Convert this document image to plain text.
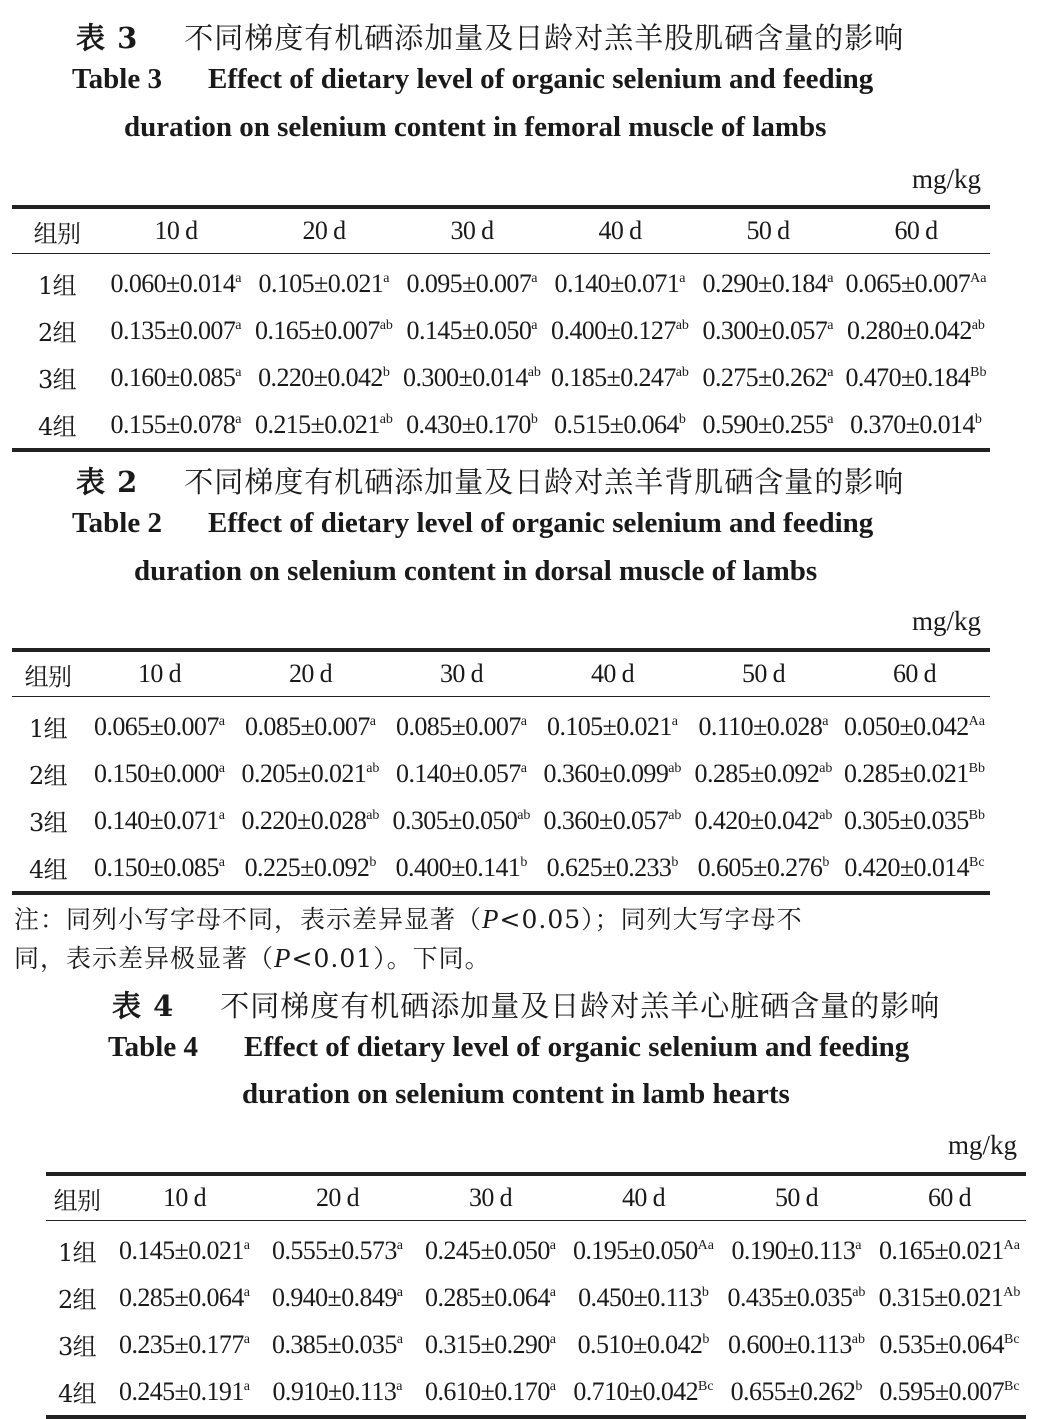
表 3 不同梯度有机硒添加量及日龄对羔羊股肌硒含量的影响
Table 3 Effect of dietary level of organic selenium and feeding
duration on selenium content in femoral muscle of lambs
mg/kg
组别	10 d	20 d	30 d	40 d	50 d	60 d
1组	0.060±0.014$^a$	0.105±0.021$^a$	0.095±0.007$^a$	0.140±0.071$^a$	0.290±0.184$^a$	$0.065\pm 0.007^{Aa}$
2组	0.135±0.007$^a$	0.165±0.007$^{ab}$	0.145±0.050$^a$	0.400±0.127$^{ab}$	0.300±0.057$^a$	0.280±0.042$^{ab}$
3组	0.160±0.085$^a$	0.220±0.042$^b$	0.300±0.014$^{ab}$	0.185±0.247$^{ab}$	0.275±0.262$^a$	$0.470\pm 0.184^{Bb}$
4组	0.155±0.078$^a$	0.215±0.021$^{ab}$	0.430±0.170$^b$	0.515±0.064$^b$	0.590±0.255$^a$	0.370±0.014$^b$
表 2 不同梯度有机硒添加量及日龄对羔羊背肌硒含量的影响
Table 2 Effect of dietary level of organic selenium and feeding
duration on selenium content in dorsal muscle of lambs
mg/kg
组别	10 d	20 d	30 d	40 d	50 d	60 d
1组	0.065±0.007$^a$	0.085±0.007$^a$	0.085±0.007$^a$	0.105±0.021$^a$	0.110±0.028$^a$	$0.050\pm 0.042^{Aa}$
2组	0.150±0.000$^a$	0.205±0.021$^{ab}$	0.140±0.057$^a$	0.360±0.099$^{ab}$	0.285±0.092$^{ab}$	$0.285\pm 0.021^{Bb}$
3组	0.140±0.071$^a$	0.220±0.028$^{ab}$	0.305±0.050$^{ab}$	0.360±0.057$^{ab}$	0.420±0.042$^{ab}$	$0.305\pm 0.035^{Bb}$
4组	0.150±0.085$^a$	0.225±0.092$^b$	0.400±0.141$^b$	0.625±0.233$^b$	0.605±0.276$^b$	$0.420\pm 0.014^{Bc}$
注：同列小写字母不同，表示差异显著（P<0.05）；同列大写字母不
同，表示差异极显著（P<0.01）。下同。
表 4 不同梯度有机硒添加量及日龄对羔羊心脏硒含量的影响
Table 4 Effect of dietary level of organic selenium and feeding
duration on selenium content in lamb hearts
mg/kg
组别	10 d	20 d	30 d	40 d	50 d	60 d
1组	0.145±0.021$^a$	0.555±0.573$^a$	0.245±0.050$^a$	$0.195\pm 0.050^{Aa}$	0.190±0.113$^a$	$0.165\pm 0.021^{Aa}$
2组	0.285±0.064$^a$	0.940±0.849$^a$	0.285±0.064$^a$	0.450±0.113$^b$	0.435±0.035$^{ab}$	$0.315\pm 0.021^{Ab}$
3组	0.235±0.177$^a$	0.385±0.035$^a$	0.315±0.290$^a$	0.510±0.042$^b$	0.600±0.113$^{ab}$	$0.535\pm 0.064^{Bc}$
4组	0.245±0.191$^a$	0.910±0.113$^a$	0.610±0.170$^a$	$0.710\pm 0.042^{Bc}$	0.655±0.262$^b$	$0.595\pm 0.007^{Bc}$
